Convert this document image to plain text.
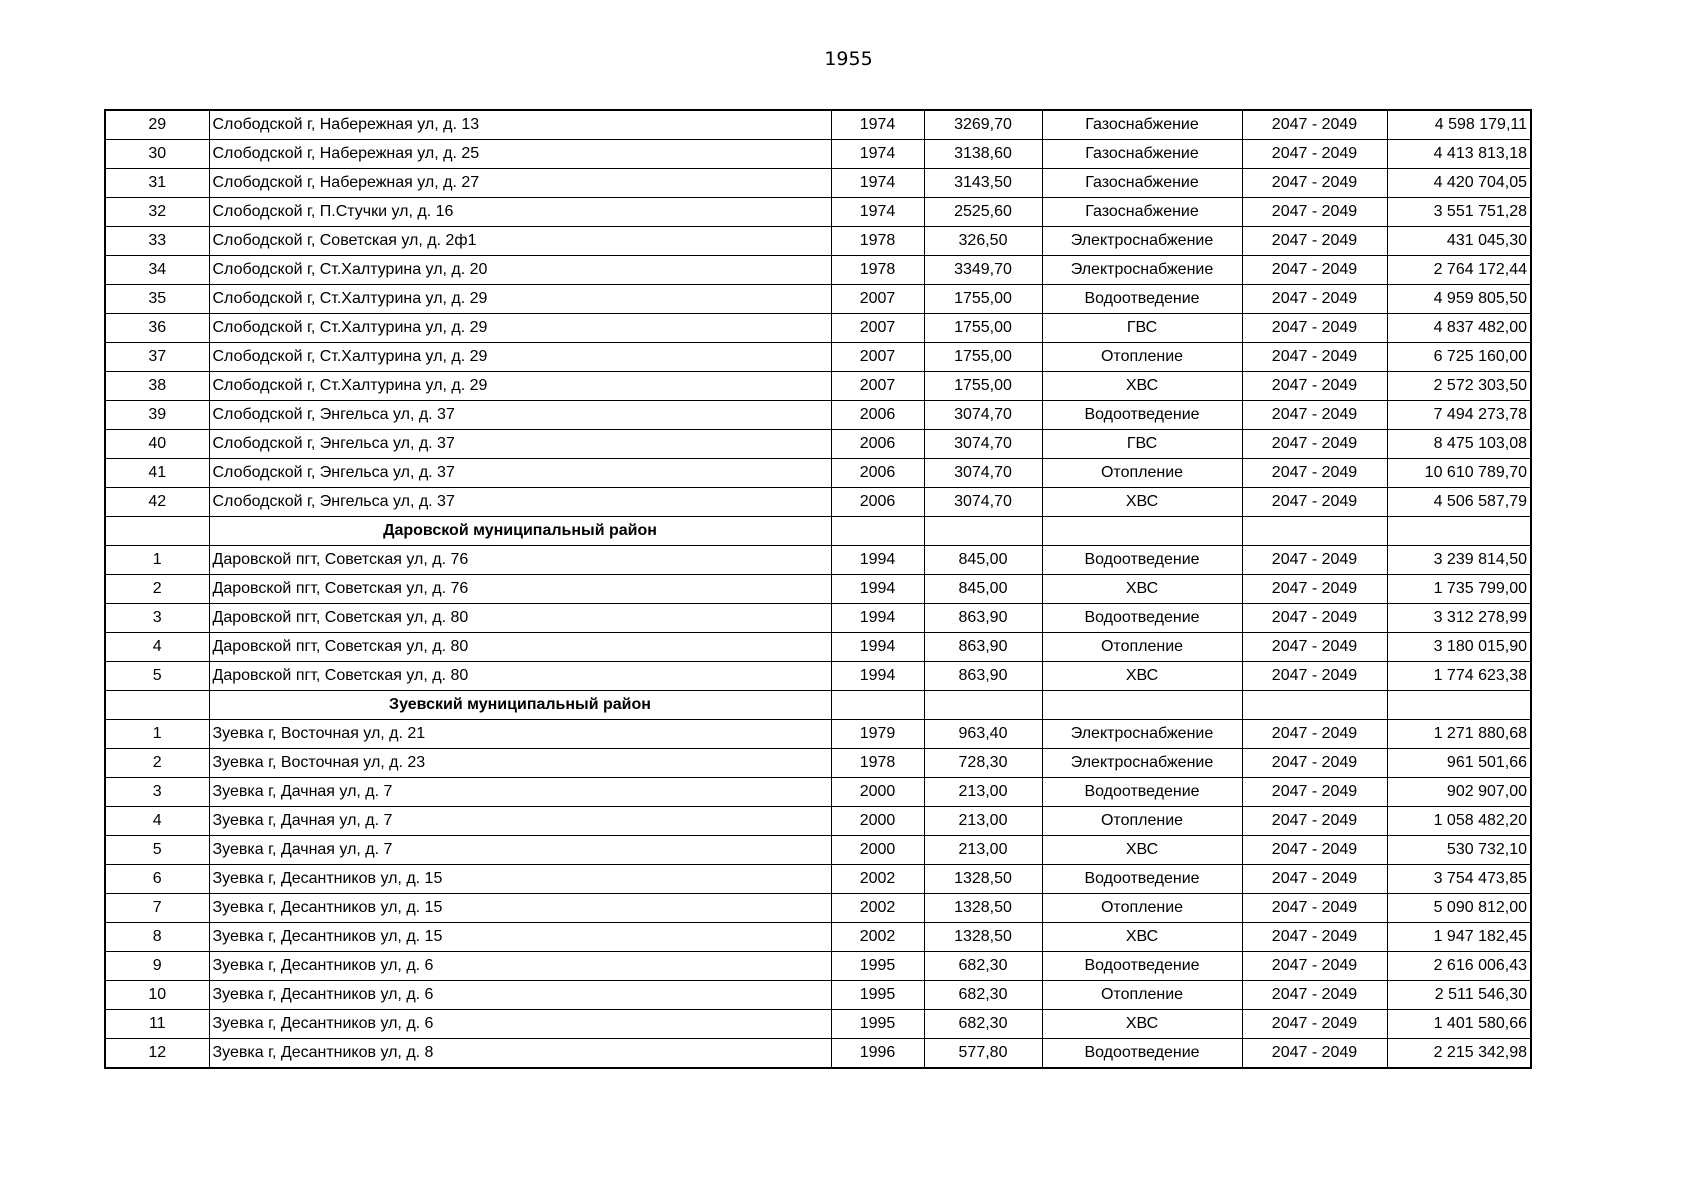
1955
29	Слободской г, Набережная ул, д. 13	1974	3269,70	Газоснабжение	2047 - 2049	4 598 179,11
30	Слободской г, Набережная ул, д. 25	1974	3138,60	Газоснабжение	2047 - 2049	4 413 813,18
31	Слободской г, Набережная ул, д. 27	1974	3143,50	Газоснабжение	2047 - 2049	4 420 704,05
32	Слободской г, П.Стучки ул, д. 16	1974	2525,60	Газоснабжение	2047 - 2049	3 551 751,28
33	Слободской г, Советская ул, д. 2ф1	1978	326,50	Электроснабжение	2047 - 2049	431 045,30
34	Слободской г, Ст.Халтурина ул, д. 20	1978	3349,70	Электроснабжение	2047 - 2049	2 764 172,44
35	Слободской г, Ст.Халтурина ул, д. 29	2007	1755,00	Водоотведение	2047 - 2049	4 959 805,50
36	Слободской г, Ст.Халтурина ул, д. 29	2007	1755,00	ГВС	2047 - 2049	4 837 482,00
37	Слободской г, Ст.Халтурина ул, д. 29	2007	1755,00	Отопление	2047 - 2049	6 725 160,00
38	Слободской г, Ст.Халтурина ул, д. 29	2007	1755,00	ХВС	2047 - 2049	2 572 303,50
39	Слободской г, Энгельса ул, д. 37	2006	3074,70	Водоотведение	2047 - 2049	7 494 273,78
40	Слободской г, Энгельса ул, д. 37	2006	3074,70	ГВС	2047 - 2049	8 475 103,08
41	Слободской г, Энгельса ул, д. 37	2006	3074,70	Отопление	2047 - 2049	10 610 789,70
42	Слободской г, Энгельса ул, д. 37	2006	3074,70	ХВС	2047 - 2049	4 506 587,79
	Даровской муниципальный район					
1	Даровской пгт, Советская ул, д. 76	1994	845,00	Водоотведение	2047 - 2049	3 239 814,50
2	Даровской пгт, Советская ул, д. 76	1994	845,00	ХВС	2047 - 2049	1 735 799,00
3	Даровской пгт, Советская ул, д. 80	1994	863,90	Водоотведение	2047 - 2049	3 312 278,99
4	Даровской пгт, Советская ул, д. 80	1994	863,90	Отопление	2047 - 2049	3 180 015,90
5	Даровской пгт, Советская ул, д. 80	1994	863,90	ХВС	2047 - 2049	1 774 623,38
	Зуевский муниципальный район					
1	Зуевка г, Восточная ул, д. 21	1979	963,40	Электроснабжение	2047 - 2049	1 271 880,68
2	Зуевка г, Восточная ул, д. 23	1978	728,30	Электроснабжение	2047 - 2049	961 501,66
3	Зуевка г, Дачная ул, д. 7	2000	213,00	Водоотведение	2047 - 2049	902 907,00
4	Зуевка г, Дачная ул, д. 7	2000	213,00	Отопление	2047 - 2049	1 058 482,20
5	Зуевка г, Дачная ул, д. 7	2000	213,00	ХВС	2047 - 2049	530 732,10
6	Зуевка г, Десантников ул, д. 15	2002	1328,50	Водоотведение	2047 - 2049	3 754 473,85
7	Зуевка г, Десантников ул, д. 15	2002	1328,50	Отопление	2047 - 2049	5 090 812,00
8	Зуевка г, Десантников ул, д. 15	2002	1328,50	ХВС	2047 - 2049	1 947 182,45
9	Зуевка г, Десантников ул, д. 6	1995	682,30	Водоотведение	2047 - 2049	2 616 006,43
10	Зуевка г, Десантников ул, д. 6	1995	682,30	Отопление	2047 - 2049	2 511 546,30
11	Зуевка г, Десантников ул, д. 6	1995	682,30	ХВС	2047 - 2049	1 401 580,66
12	Зуевка г, Десантников ул, д. 8	1996	577,80	Водоотведение	2047 - 2049	2 215 342,98
